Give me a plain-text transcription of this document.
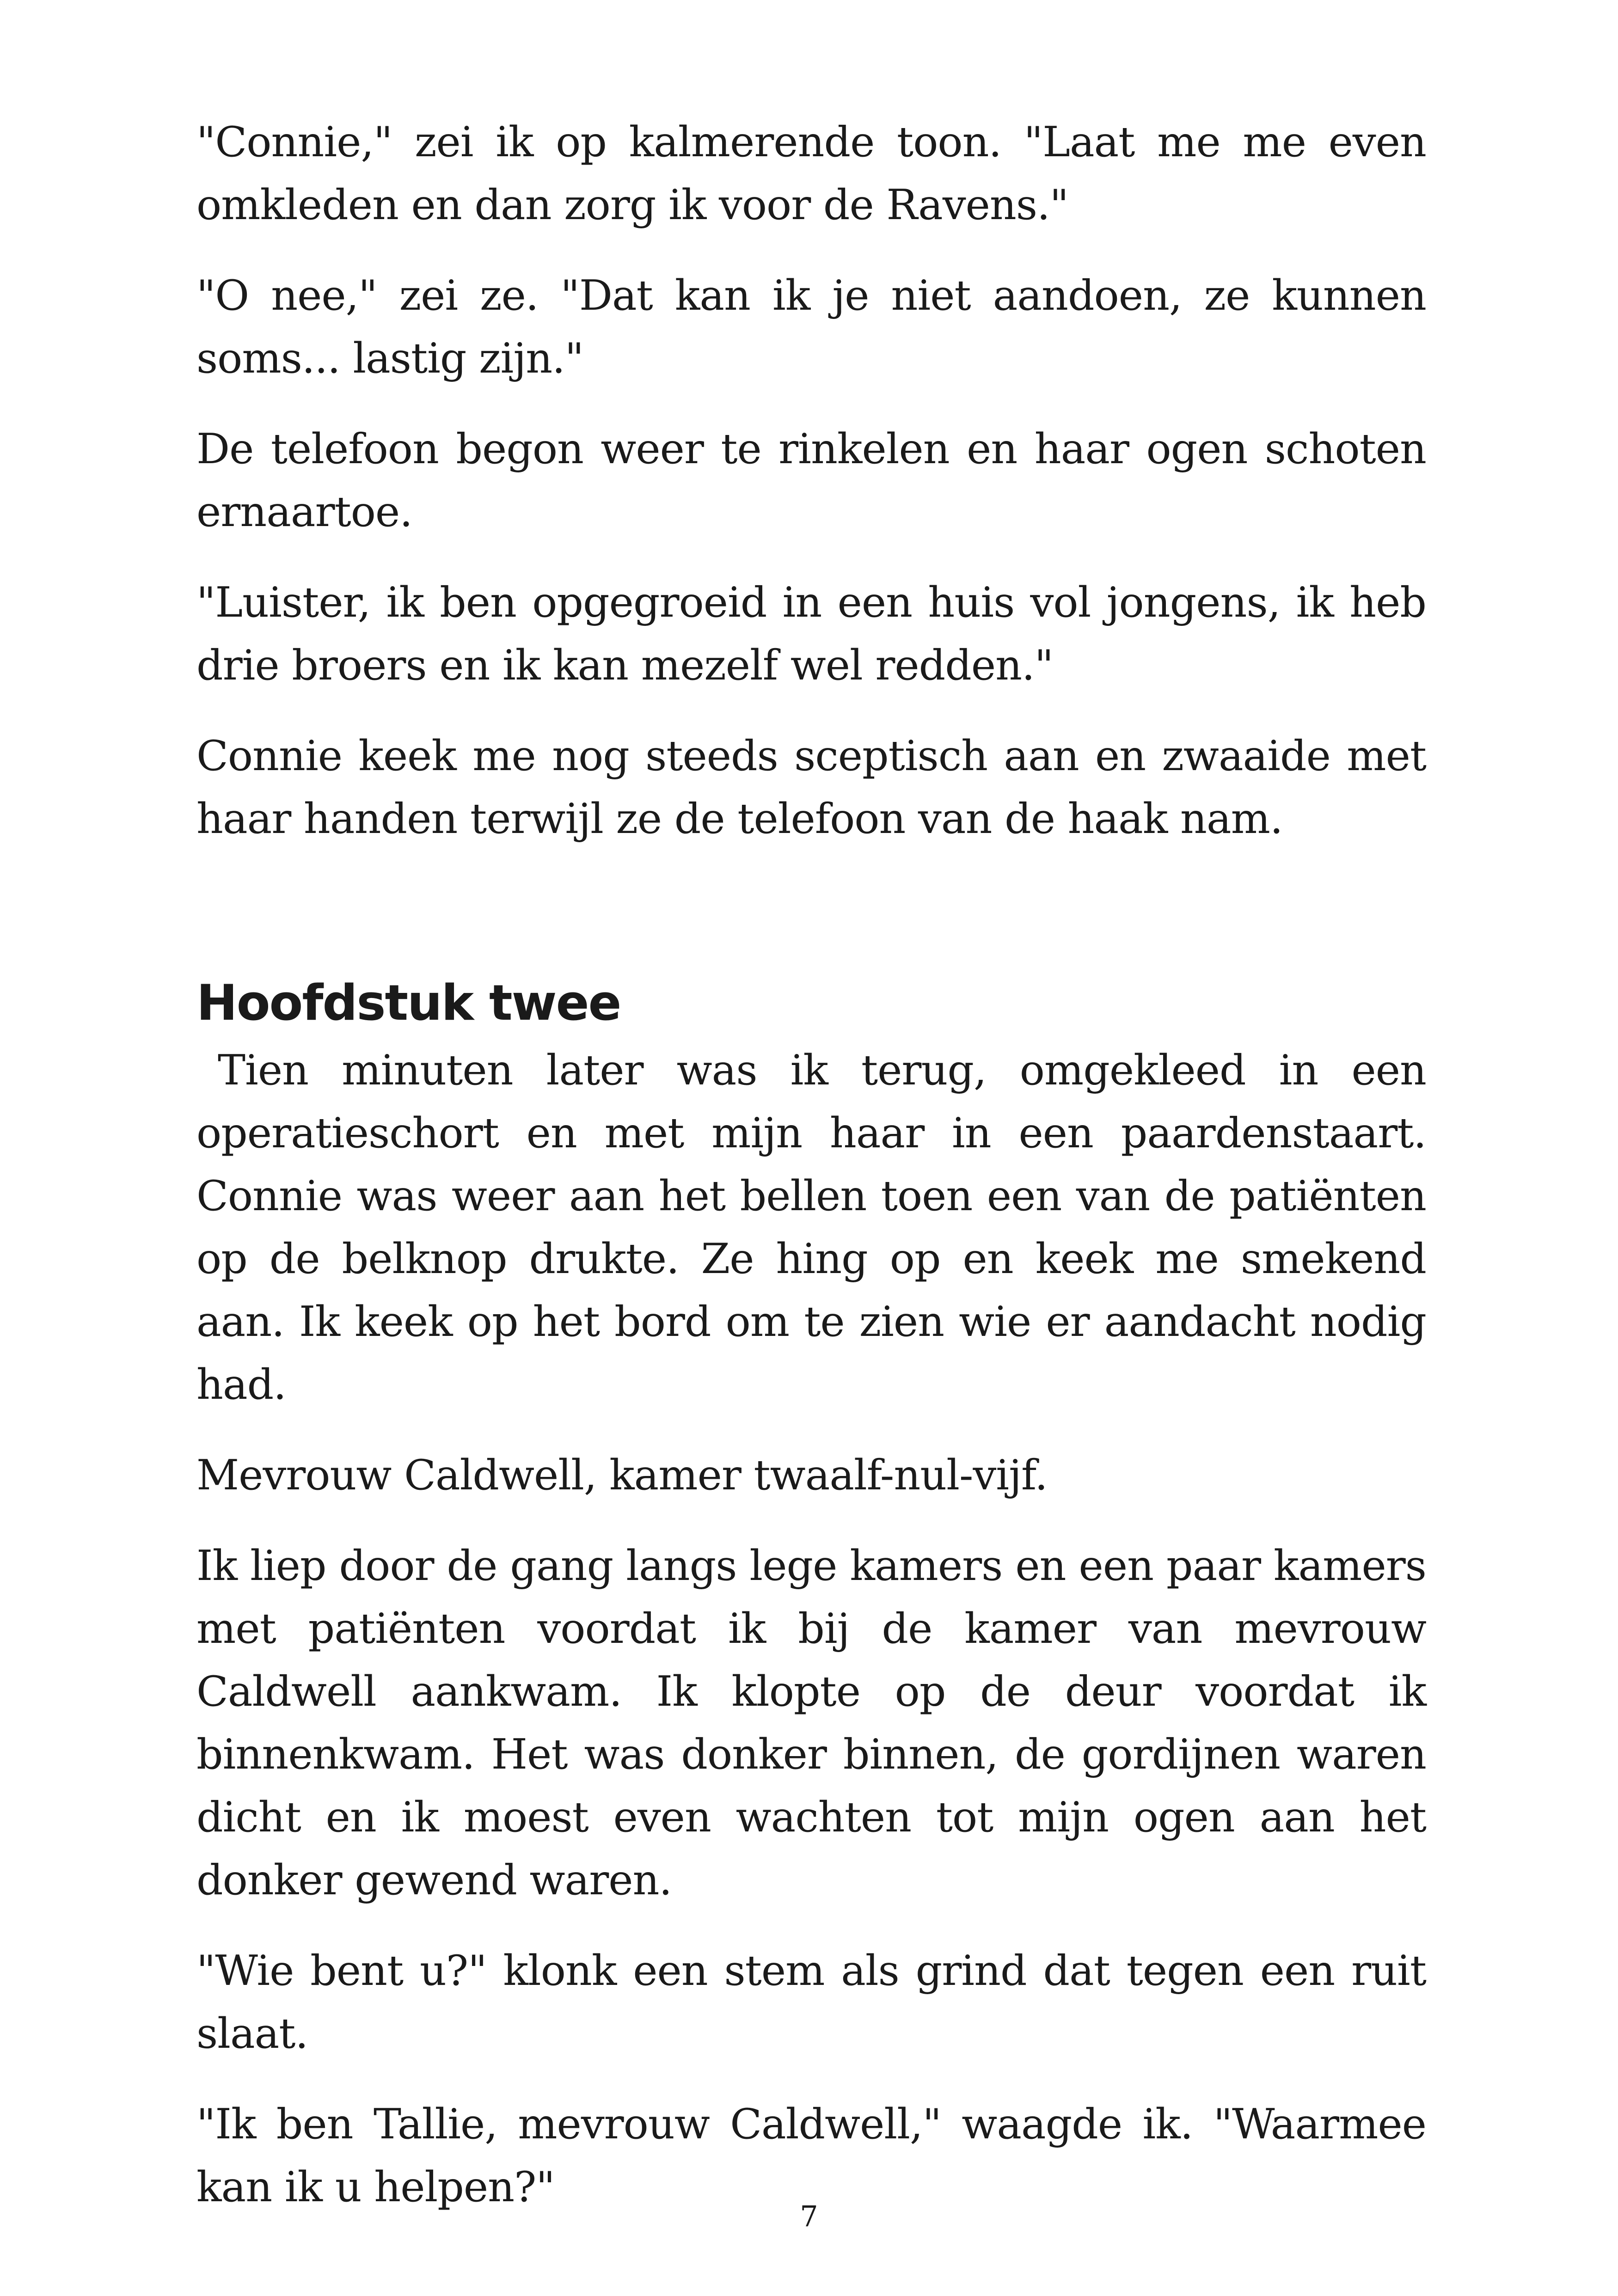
"Connie," zei ik op kalmerende toon. "Laat me me even omkleden en dan zorg ik voor de Ravens."

"O nee," zei ze. "Dat kan ik je niet aandoen, ze kunnen soms... lastig zijn."

De telefoon begon weer te rinkelen en haar ogen schoten ernaartoe.

"Luister, ik ben opgegroeid in een huis vol jongens, ik heb drie broers en ik kan mezelf wel redden."

Connie keek me nog steeds sceptisch aan en zwaaide met haar handen terwijl ze de telefoon van de haak nam.

Hoofdstuk twee

Tien minuten later was ik terug, omgekleed in een operatieschort en met mijn haar in een paardenstaart. Connie was weer aan het bellen toen een van de patiënten op de belknop drukte. Ze hing op en keek me smekend aan. Ik keek op het bord om te zien wie er aandacht nodig had.

Mevrouw Caldwell, kamer twaalf-nul-vijf.

Ik liep door de gang langs lege kamers en een paar kamers met patiënten voordat ik bij de kamer van mevrouw Caldwell aankwam. Ik klopte op de deur voordat ik binnenkwam. Het was donker binnen, de gordijnen waren dicht en ik moest even wachten tot mijn ogen aan het donker gewend waren.

"Wie bent u?" klonk een stem als grind dat tegen een ruit slaat.

"Ik ben Tallie, mevrouw Caldwell," waagde ik. "Waarmee kan ik u helpen?"

7
